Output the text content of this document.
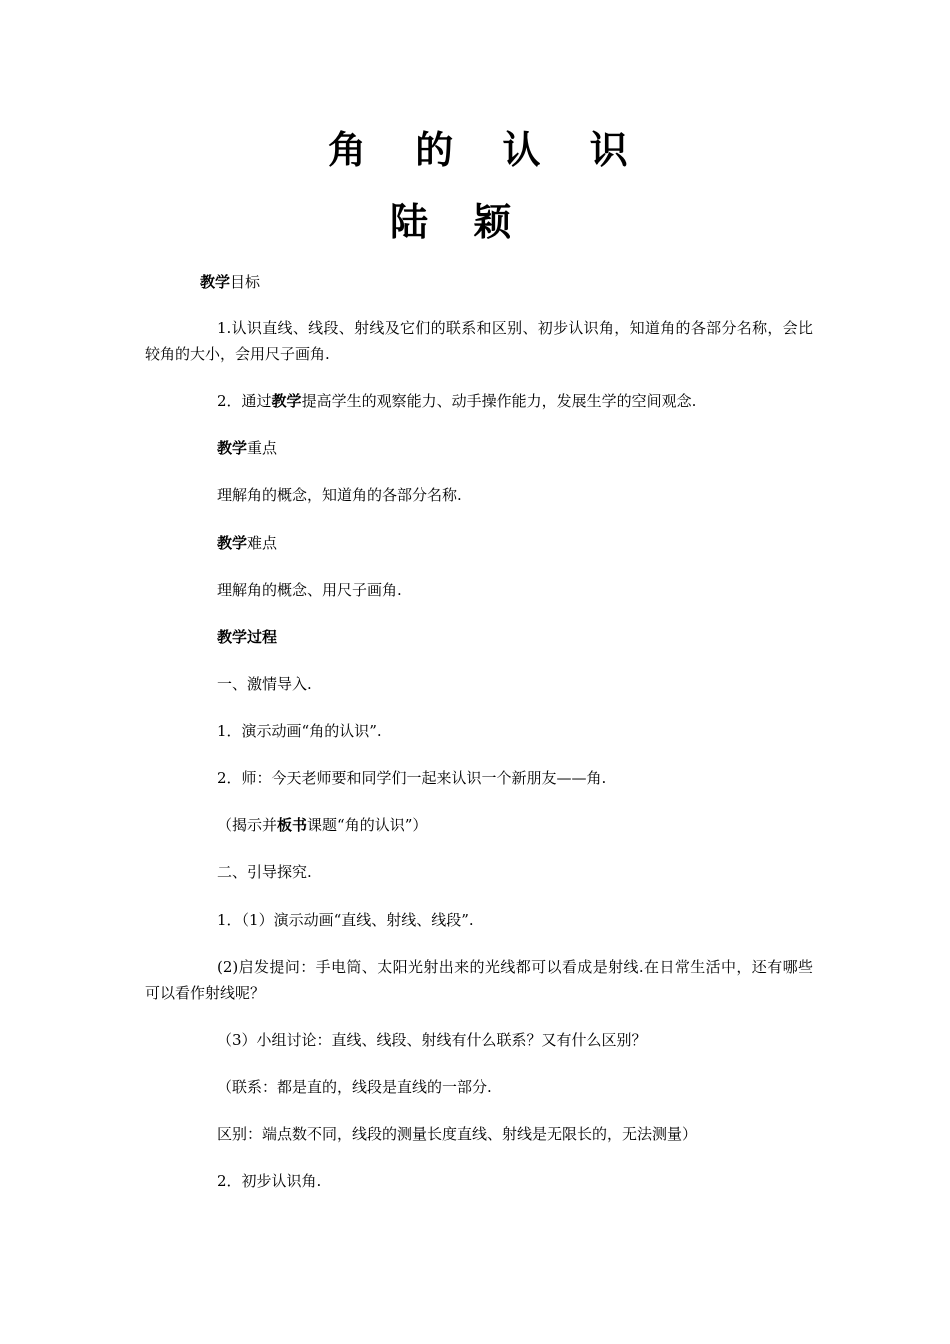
角 的 认 识
陆 颖
教学目标
1.认识直线、线段、射线及它们的联系和区别、初步认识角，知道角的各部分名称，会比较角的大小，会用尺子画角.
2．通过教学提高学生的观察能力、动手操作能力，发展生学的空间观念.
教学重点
理解角的概念，知道角的各部分名称.
教学难点
理解角的概念、用尺子画角.
教学过程
一、激情导入.
1．演示动画“角的认识”.
2．师：今天老师要和同学们一起来认识一个新朋友——角.
（揭示并板书课题“角的认识”）
二、引导探究.
1．（1）演示动画“直线、射线、线段”.
(2)启发提问：手电筒、太阳光射出来的光线都可以看成是射线.在日常生活中，还有哪些可以看作射线呢？
（3）小组讨论：直线、线段、射线有什么联系？又有什么区别？
（联系：都是直的，线段是直线的一部分.
区别：端点数不同，线段的测量长度直线、射线是无限长的，无法测量）
2．初步认识角.
